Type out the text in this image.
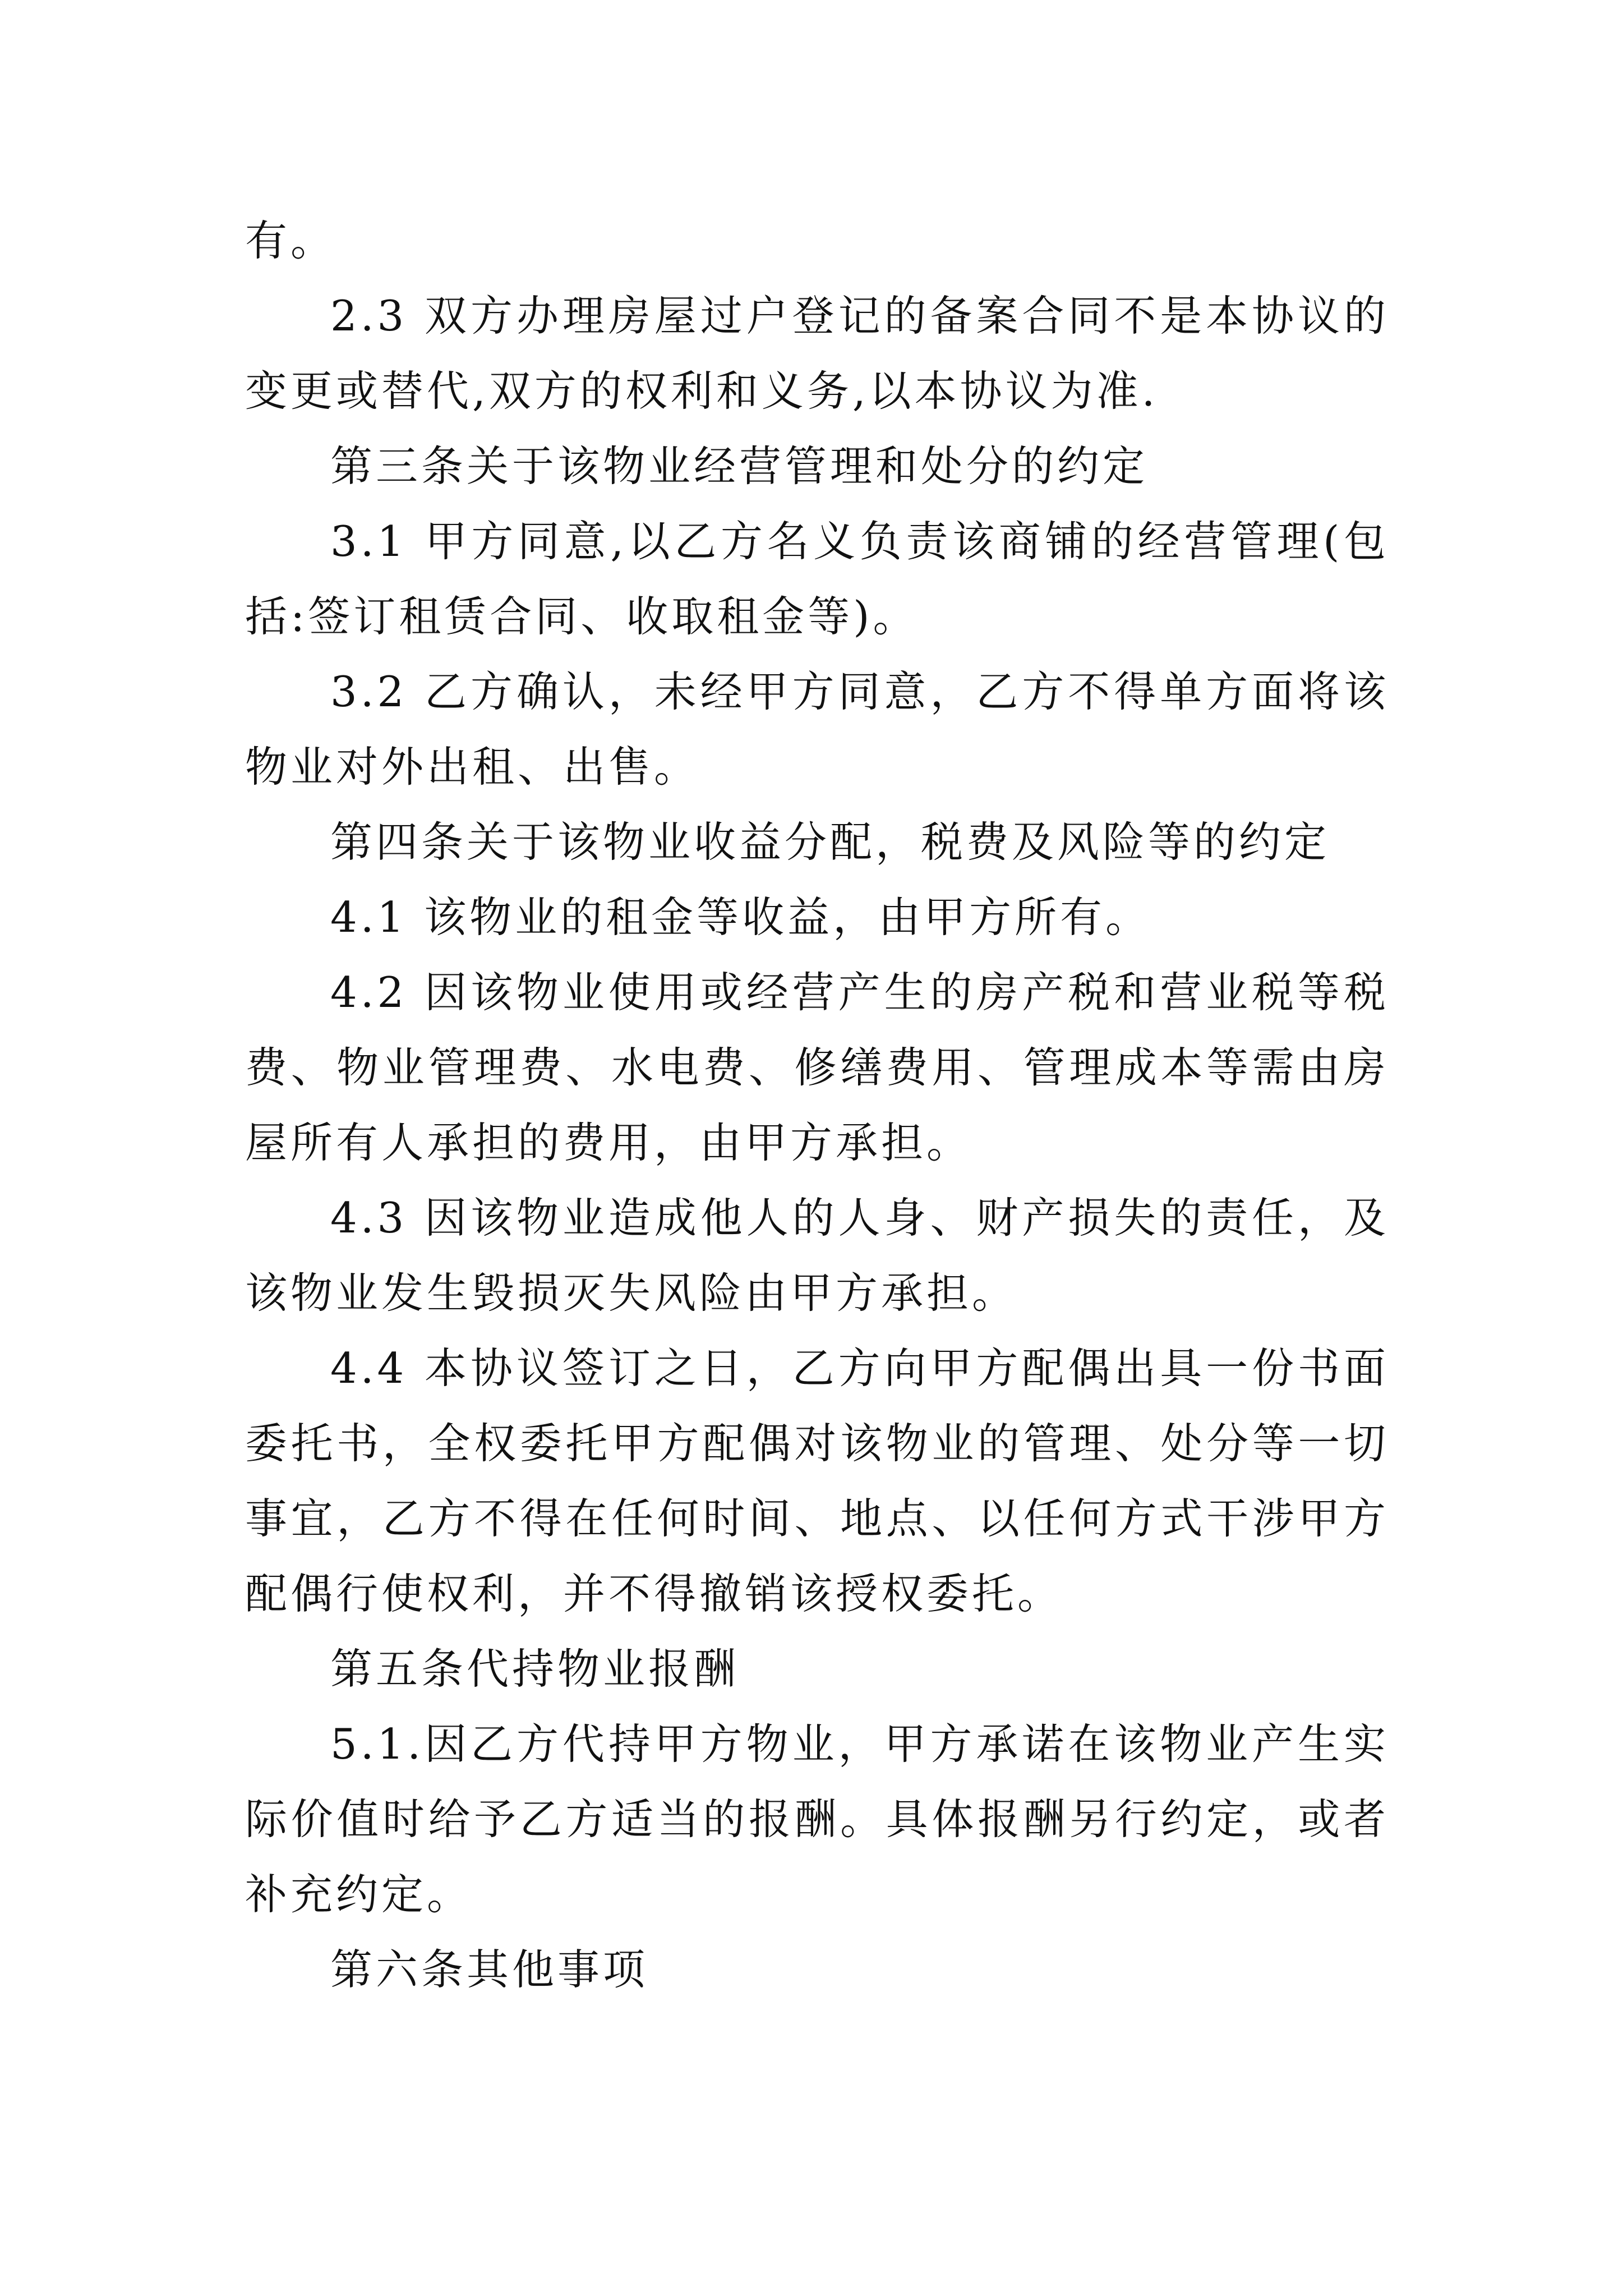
有。

2.3 双方办理房屋过户登记的备案合同不是本协议的变更或替代,双方的权利和义务,以本协议为准.

第三条关于该物业经营管理和处分的约定

3.1 甲方同意,以乙方名义负责该商铺的经营管理(包括:签订租赁合同、收取租金等)。

3.2 乙方确认，未经甲方同意，乙方不得单方面将该物业对外出租、出售。

第四条关于该物业收益分配，税费及风险等的约定

4.1 该物业的租金等收益，由甲方所有。

4.2 因该物业使用或经营产生的房产税和营业税等税费、物业管理费、水电费、修缮费用、管理成本等需由房屋所有人承担的费用，由甲方承担。

4.3 因该物业造成他人的人身、财产损失的责任，及该物业发生毁损灭失风险由甲方承担。

4.4 本协议签订之日，乙方向甲方配偶出具一份书面委托书，全权委托甲方配偶对该物业的管理、处分等一切事宜，乙方不得在任何时间、地点、以任何方式干涉甲方配偶行使权利，并不得撤销该授权委托。

第五条代持物业报酬

5.1.因乙方代持甲方物业，甲方承诺在该物业产生实际价值时给予乙方适当的报酬。具体报酬另行约定，或者补充约定。

第六条其他事项
